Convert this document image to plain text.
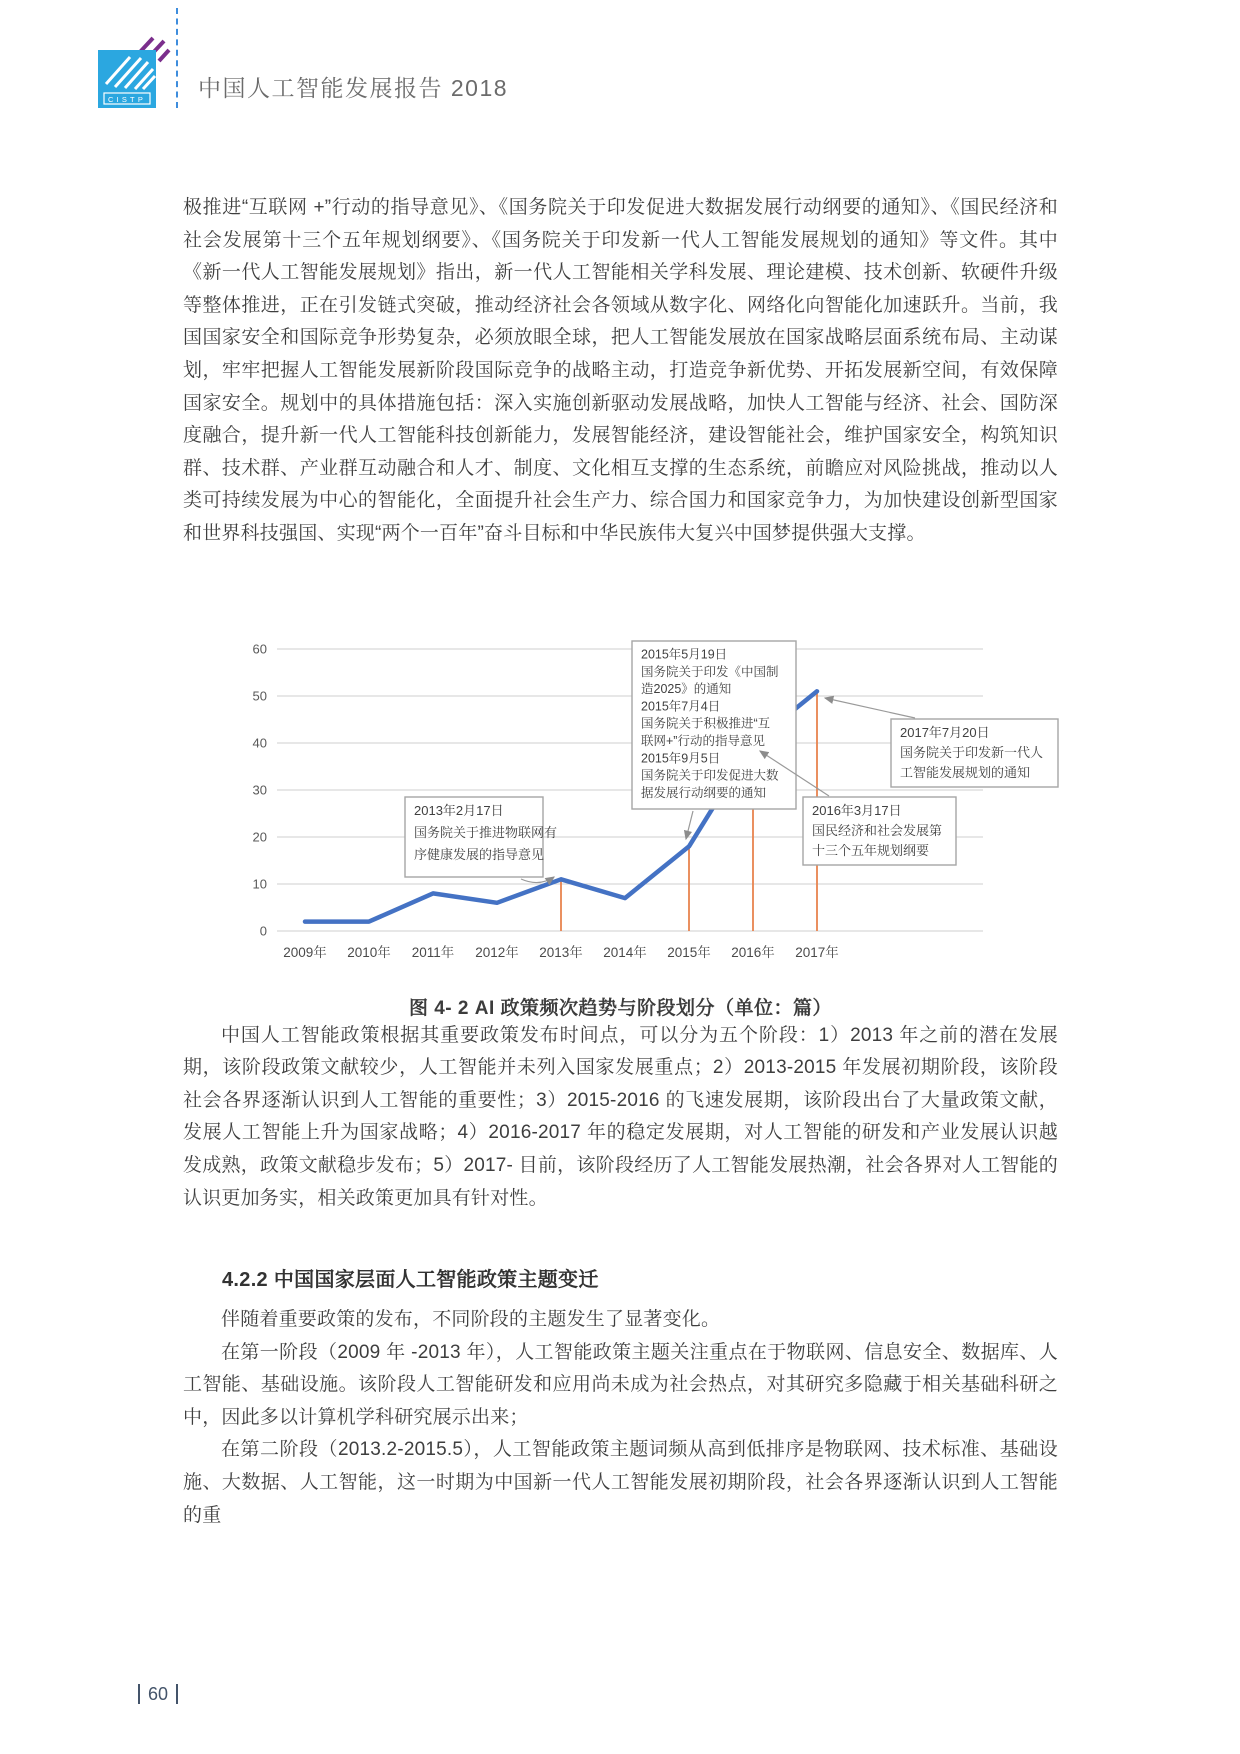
CISTP 中国人工智能发展报告 2018

极推进“互联网 +”行动的指导意见》、《国务院关于印发促进大数据发展行动纲要的通知》、《国民经济和社会发展第十三个五年规划纲要》、《国务院关于印发新一代人工智能发展规划的通知》等文件。其中《新一代人工智能发展规划》指出，新一代人工智能相关学科发展、理论建模、技术创新、软硬件升级等整体推进，正在引发链式突破，推动经济社会各领域从数字化、网络化向智能化加速跃升。当前，我国国家安全和国际竞争形势复杂，必须放眼全球，把人工智能发展放在国家战略层面系统布局、主动谋划，牢牢把握人工智能发展新阶段国际竞争的战略主动，打造竞争新优势、开拓发展新空间，有效保障国家安全。规划中的具体措施包括：深入实施创新驱动发展战略，加快人工智能与经济、社会、国防深度融合，提升新一代人工智能科技创新能力，发展智能经济，建设智能社会，维护国家安全，构筑知识群、技术群、产业群互动融合和人才、制度、文化相互支撑的生态系统，前瞻应对风险挑战，推动以人类可持续发展为中心的智能化，全面提升社会生产力、综合国力和国家竞争力，为加快建设创新型国家和世界科技强国、实现“两个一百年”奋斗目标和中华民族伟大复兴中国梦提供强大支撑。

0
10
20
30
40
50
60
2009年 2010年 2011年 2012年 2013年 2014年 2015年 2016年 2017年
2013年2月17日
国务院关于推进物联网有
序健康发展的指导意见
2015年5月19日
国务院关于印发《中国制
造2025》的通知
2015年7月4日
国务院关于积极推进“互
联网+”行动的指导意见
2015年9月5日
国务院关于印发促进大数
据发展行动纲要的通知
2016年3月17日
国民经济和社会发展第
十三个五年规划纲要
2017年7月20日
国务院关于印发新一代人
工智能发展规划的通知
图 4- 2 AI 政策频次趋势与阶段划分（单位：篇）

中国人工智能政策根据其重要政策发布时间点，可以分为五个阶段：1）2013 年之前的潜在发展期，该阶段政策文献较少，人工智能并未列入国家发展重点；2）2013-2015 年发展初期阶段，该阶段社会各界逐渐认识到人工智能的重要性；3）2015-2016 的飞速发展期，该阶段出台了大量政策文献，发展人工智能上升为国家战略；4）2016-2017 年的稳定发展期，对人工智能的研发和产业发展认识越发成熟，政策文献稳步发布；5）2017- 目前，该阶段经历了人工智能发展热潮，社会各界对人工智能的认识更加务实，相关政策更加具有针对性。

4.2.2 中国国家层面人工智能政策主题变迁

伴随着重要政策的发布，不同阶段的主题发生了显著变化。

在第一阶段（2009 年 -2013 年），人工智能政策主题关注重点在于物联网、信息安全、数据库、人工智能、基础设施。该阶段人工智能研发和应用尚未成为社会热点，对其研究多隐藏于相关基础科研之中，因此多以计算机学科研究展示出来；

在第二阶段（2013.2-2015.5），人工智能政策主题词频从高到低排序是物联网、技术标准、基础设施、大数据、人工智能，这一时期为中国新一代人工智能发展初期阶段，社会各界逐渐认识到人工智能的重

60
